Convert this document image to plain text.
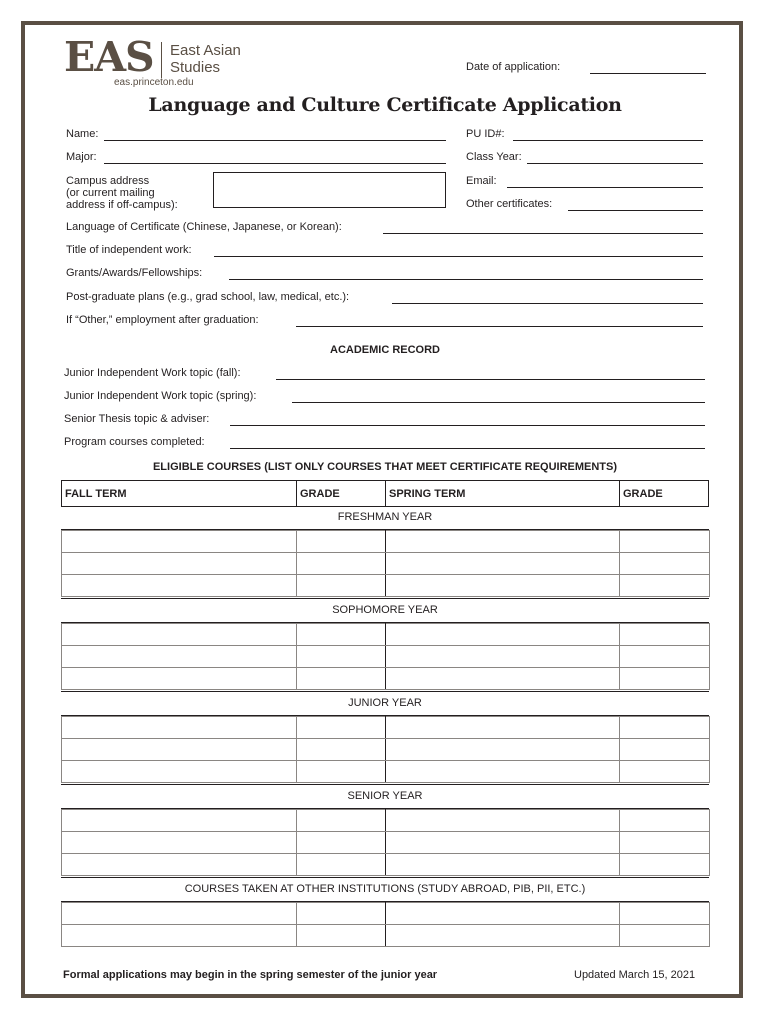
EAS East Asian
Studies
eas.princeton.edu
Date of application:
Language and Culture Certificate Application
Name:	PU ID#:
Major:	Class Year:
Campus address
(or current mailing
address if off-campus):
Email:
Other certificates:
Language of Certificate (Chinese, Japanese, or Korean):
Title of independent work:
Grants/Awards/Fellowships:
Post-graduate plans (e.g., grad school, law, medical, etc.):
If “Other,” employment after graduation:
ACADEMIC RECORD
Junior Independent Work topic (fall):
Junior Independent Work topic (spring):
Senior Thesis topic & adviser:
Program courses completed:
ELIGIBLE COURSES (LIST ONLY COURSES THAT MEET CERTIFICATE REQUIREMENTS)
FALL TERM	GRADE	SPRING TERM	GRADE
FRESHMAN YEAR

SOPHOMORE YEAR

JUNIOR YEAR

SENIOR YEAR

COURSES TAKEN AT OTHER INSTITUTIONS (STUDY ABROAD, PIB, PII, ETC.)

Formal applications may begin in the spring semester of the junior year	Updated March 15, 2021
